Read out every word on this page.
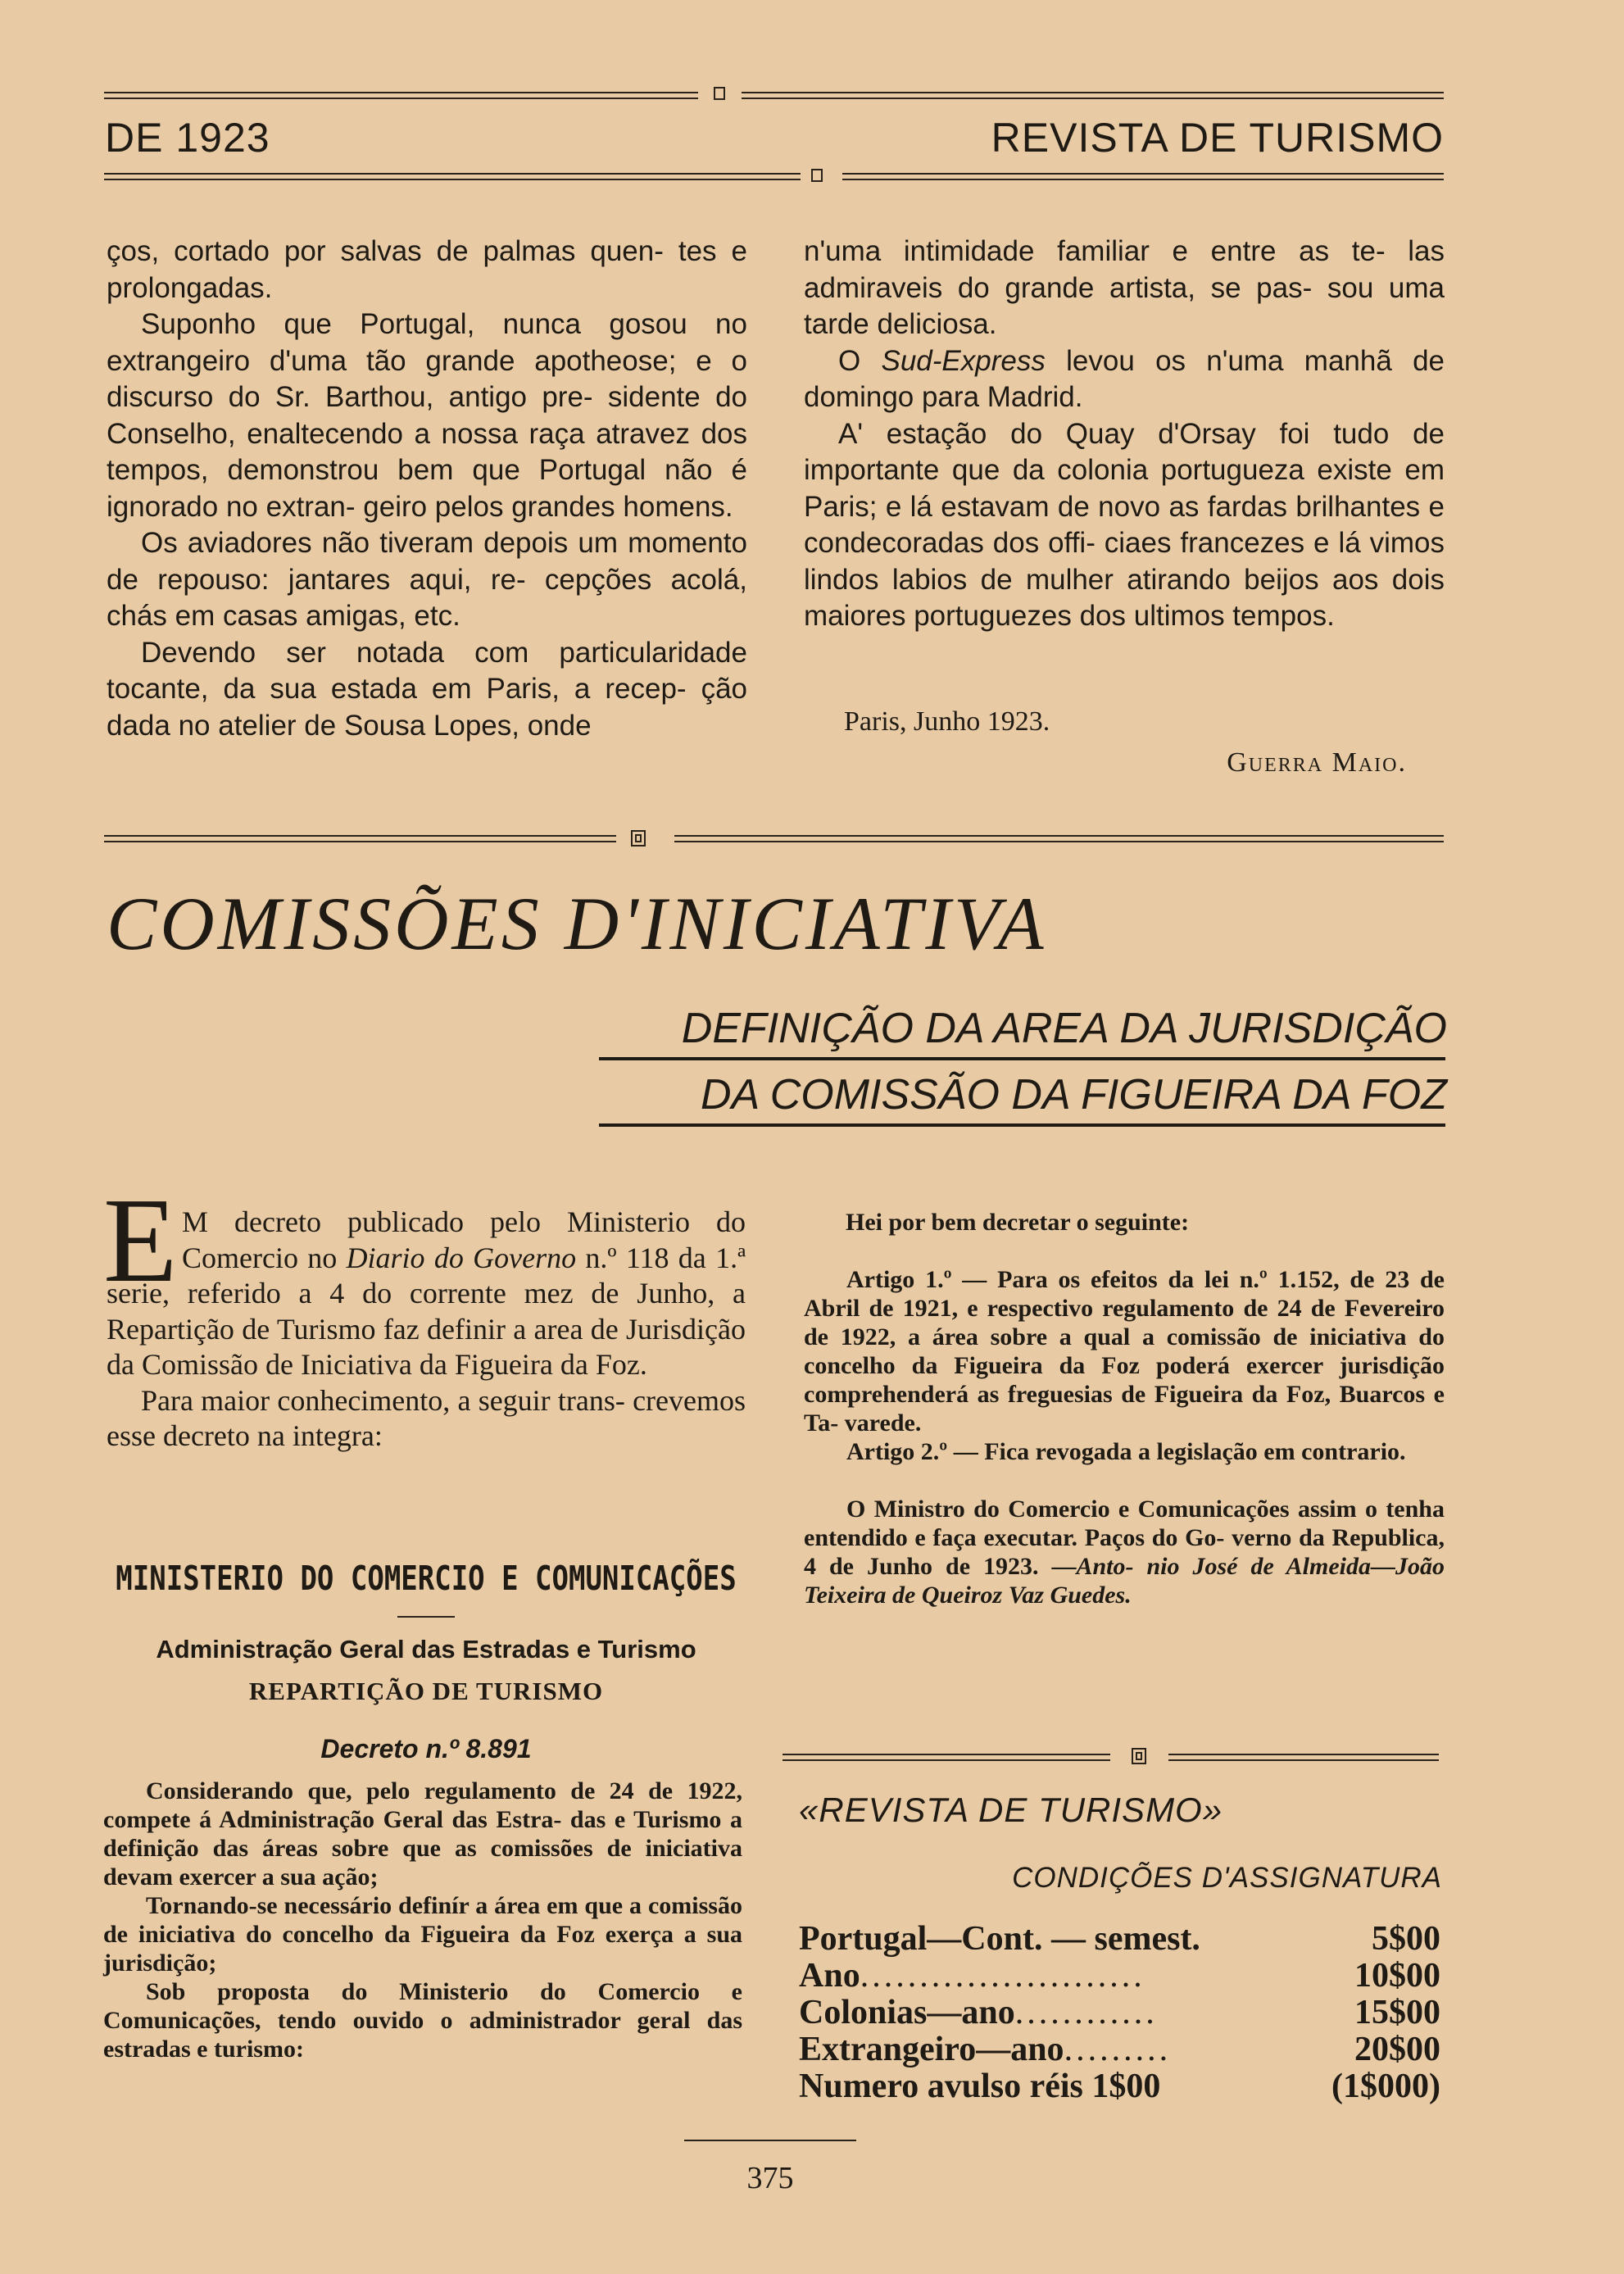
DE 1923	REVISTA DE TURISMO

ços, cortado por salvas de palmas quen- tes e prolongadas.

Suponho que Portugal, nunca gosou no extrangeiro d'uma tão grande apotheose; e o discurso do Sr. Barthou, antigo pre- sidente do Conselho, enaltecendo a nossa raça atravez dos tempos, demonstrou bem que Portugal não é ignorado no extran- geiro pelos grandes homens.

Os aviadores não tiveram depois um momento de repouso: jantares aqui, re- cepções acolá, chás em casas amigas, etc.

Devendo ser notada com particularidade tocante, da sua estada em Paris, a recep- ção dada no atelier de Sousa Lopes, onde

n'uma intimidade familiar e entre as te- las admiraveis do grande artista, se pas- sou uma tarde deliciosa.

O Sud-Express levou os n'uma manhã de domingo para Madrid.

A' estação do Quay d'Orsay foi tudo de importante que da colonia portugueza existe em Paris; e lá estavam de novo as fardas brilhantes e condecoradas dos offi- ciaes francezes e lá vimos lindos labios de mulher atirando beijos aos dois maiores portuguezes dos ultimos tempos.

Paris, Junho 1923.
Guerra Maio.
COMISSÕES D'INICIATIVA
DEFINIÇÃO DA AREA DA JURISDIÇÃO
DA COMISSÃO DA FIGUEIRA DA FOZ
E M decreto publicado pelo Ministerio do Comercio no Diario do Governo n.º 118 da 1.ª serie, referido a 4 do corrente mez de Junho, a Repartição de Turismo faz definir a area de Jurisdição da Comissão de Iniciativa da Figueira da Foz.

Para maior conhecimento, a seguir trans- crevemos esse decreto na integra:

MINISTERIO DO COMERCIO E COMUNICAÇÕES
Administração Geral das Estradas e Turismo
REPARTIÇÃO DE TURISMO
Decreto n.º 8.891

Considerando que, pelo regulamento de 24 de 1922, compete á Administração Geral das Estra- das e Turismo a definição das áreas sobre que as comissões de iniciativa devam exercer a sua ação;

Tornando-se necessário definír a área em que a comissão de iniciativa do concelho da Figueira da Foz exerça a sua jurisdição;

Sob proposta do Ministerio do Comercio e Comunicações, tendo ouvido o administrador geral das estradas e turismo:

Hei por bem decretar o seguinte:

Artigo 1.º — Para os efeitos da lei n.º 1.152, de 23 de Abril de 1921, e respectivo regulamento de 24 de Fevereiro de 1922, a área sobre a qual a comissão de iniciativa do concelho da Figueira da Foz poderá exercer jurisdição comprehenderá as freguesias de Figueira da Foz, Buarcos e Ta- varede.

Artigo 2.º — Fica revogada a legislação em contrario.

O Ministro do Comercio e Comunicações assim o tenha entendido e faça executar. Paços do Go- verno da Republica, 4 de Junho de 1923. —Anto- nio José de Almeida—João Teixeira de Queiroz Vaz Guedes.

«REVISTA DE TURISMO»
CONDIÇÕES D'ASSIGNATURA
Portugal—Cont. — semest.	5$00
Ano ........................	10$00
Colonias—ano ............	15$00
Extrangeiro—ano .........	20$00
Numero avulso réis 1$00	(1$000)
375
